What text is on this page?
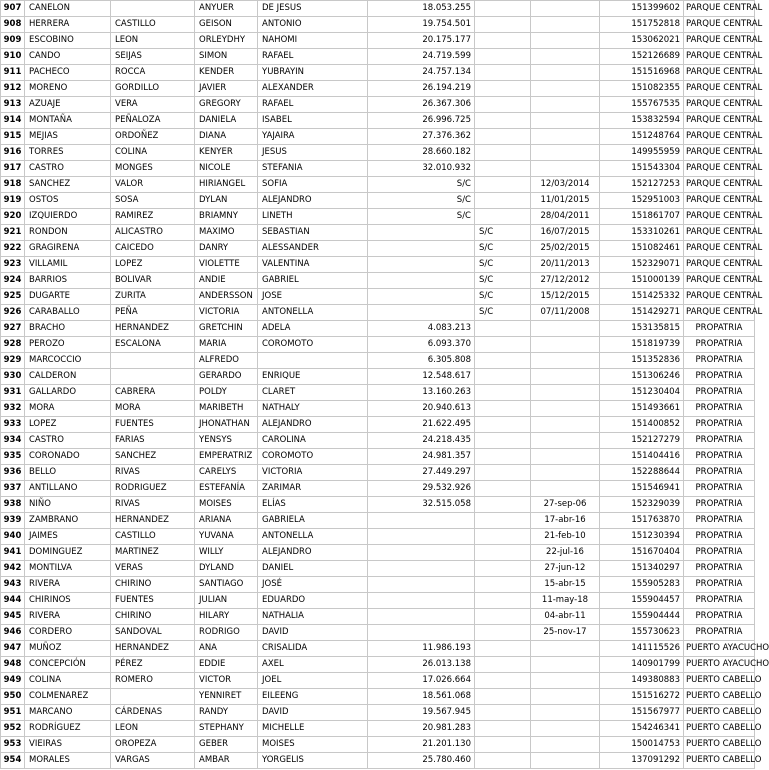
907	CANELON		ANYUER	DE JESUS	18.053.255			151399602	PARQUE CENTRAL
908	HERRERA	CASTILLO	GEISON	ANTONIO	19.754.501			151752818	PARQUE CENTRAL
909	ESCOBINO	LEON	ORLEYDHY	NAHOMI	20.175.177			153062021	PARQUE CENTRAL
910	CANDO	SEIJAS	SIMON	RAFAEL	24.719.599			152126689	PARQUE CENTRAL
911	PACHECO	ROCCA	KENDER	YUBRAYIN	24.757.134			151516968	PARQUE CENTRAL
912	MORENO	GORDILLO	JAVIER	ALEXANDER	26.194.219			151082355	PARQUE CENTRAL
913	AZUAJE	VERA	GREGORY	RAFAEL	26.367.306			155767535	PARQUE CENTRAL
914	MONTAÑA	PEÑALOZA	DANIELA	ISABEL	26.996.725			153832594	PARQUE CENTRAL
915	MEJIAS	ORDOÑEZ	DIANA	YAJAIRA	27.376.362			151248764	PARQUE CENTRAL
916	TORRES	COLINA	KENYER	JESUS	28.660.182			149955959	PARQUE CENTRAL
917	CASTRO	MONGES	NICOLE	STEFANIA	32.010.932			151543304	PARQUE CENTRAL
918	SANCHEZ	VALOR	HIRIANGEL	SOFIA	S/C		12/03/2014	152127253	PARQUE CENTRAL
919	OSTOS	SOSA	DYLAN	ALEJANDRO	S/C		11/01/2015	152951003	PARQUE CENTRAL
920	IZQUIERDO	RAMIREZ	BRIAMNY	LINETH	S/C		28/04/2011	151861707	PARQUE CENTRAL
921	RONDON	ALICASTRO	MAXIMO	SEBASTIAN		S/C	16/07/2015	153310261	PARQUE CENTRAL
922	GRAGIRENA	CAICEDO	DANRY	ALESSANDER		S/C	25/02/2015	151082461	PARQUE CENTRAL
923	VILLAMIL	LOPEZ	VIOLETTE	VALENTINA		S/C	20/11/2013	152329071	PARQUE CENTRAL
924	BARRIOS	BOLIVAR	ANDIE	GABRIEL		S/C	27/12/2012	151000139	PARQUE CENTRAL
925	DUGARTE	ZURITA	ANDERSSON	JOSE		S/C	15/12/2015	151425332	PARQUE CENTRAL
926	CARABALLO	PEÑA	VICTORIA	ANTONELLA		S/C	07/11/2008	151429271	PARQUE CENTRAL
927	BRACHO	HERNANDEZ	GRETCHIN	ADELA	4.083.213			153135815	PROPATRIA
928	PEROZO	ESCALONA	MARIA	COROMOTO	6.093.370			151819739	PROPATRIA
929	MARCOCCIO		ALFREDO		6.305.808			151352836	PROPATRIA
930	CALDERON		GERARDO	ENRIQUE	12.548.617			151306246	PROPATRIA
931	GALLARDO	CABRERA	POLDY	CLARET	13.160.263			151230404	PROPATRIA
932	MORA	MORA	MARIBETH	NATHALY	20.940.613			151493661	PROPATRIA
933	LOPEZ	FUENTES	JHONATHAN	ALEJANDRO	21.622.495			151400852	PROPATRIA
934	CASTRO	FARIAS	YENSYS	CAROLINA	24.218.435			152127279	PROPATRIA
935	CORONADO	SANCHEZ	EMPERATRIZ	COROMOTO	24.981.357			151404416	PROPATRIA
936	BELLO	RIVAS	CARELYS	VICTORIA	27.449.297			152288644	PROPATRIA
937	ANTILLANO	RODRIGUEZ	ESTEFANÍA	ZARIMAR	29.532.926			151546941	PROPATRIA
938	NIÑO	RIVAS	MOISES	ELÍAS	32.515.058		27-sep-06	152329039	PROPATRIA
939	ZAMBRANO	HERNANDEZ	ARIANA	GABRIELA			17-abr-16	151763870	PROPATRIA
940	JAIMES	CASTILLO	YUVANA	ANTONELLA			21-feb-10	151230394	PROPATRIA
941	DOMINGUEZ	MARTINEZ	WILLY	ALEJANDRO			22-jul-16	151670404	PROPATRIA
942	MONTILVA	VERAS	DYLAND	DANIEL			27-jun-12	151340297	PROPATRIA
943	RIVERA	CHIRINO	SANTIAGO	JOSÉ			15-abr-15	155905283	PROPATRIA
944	CHIRINOS	FUENTES	JULIAN	EDUARDO			11-may-18	155904457	PROPATRIA
945	RIVERA	CHIRINO	HILARY	NATHALIA			04-abr-11	155904444	PROPATRIA
946	CORDERO	SANDOVAL	RODRIGO	DAVID			25-nov-17	155730623	PROPATRIA
947	MUÑOZ	HERNANDEZ	ANA	CRISALIDA	11.986.193			141115526	PUERTO AYACUCHO
948	CONCEPCIÓN	PÉREZ	EDDIE	AXEL	26.013.138			140901799	PUERTO AYACUCHO
949	COLINA	ROMERO	VICTOR	JOEL	17.026.664			149380883	PUERTO CABELLO
950	COLMENAREZ		YENNIRET	EILEENG	18.561.068			151516272	PUERTO CABELLO
951	MARCANO	CÁRDENAS	RANDY	DAVID	19.567.945			151567977	PUERTO CABELLO
952	RODRÍGUEZ	LEON	STEPHANY	MICHELLE	20.981.283			154246341	PUERTO CABELLO
953	VIEIRAS	OROPEZA	GEBER	MOISES	21.201.130			150014753	PUERTO CABELLO
954	MORALES	VARGAS	AMBAR	YORGELIS	25.780.460			137091292	PUERTO CABELLO
